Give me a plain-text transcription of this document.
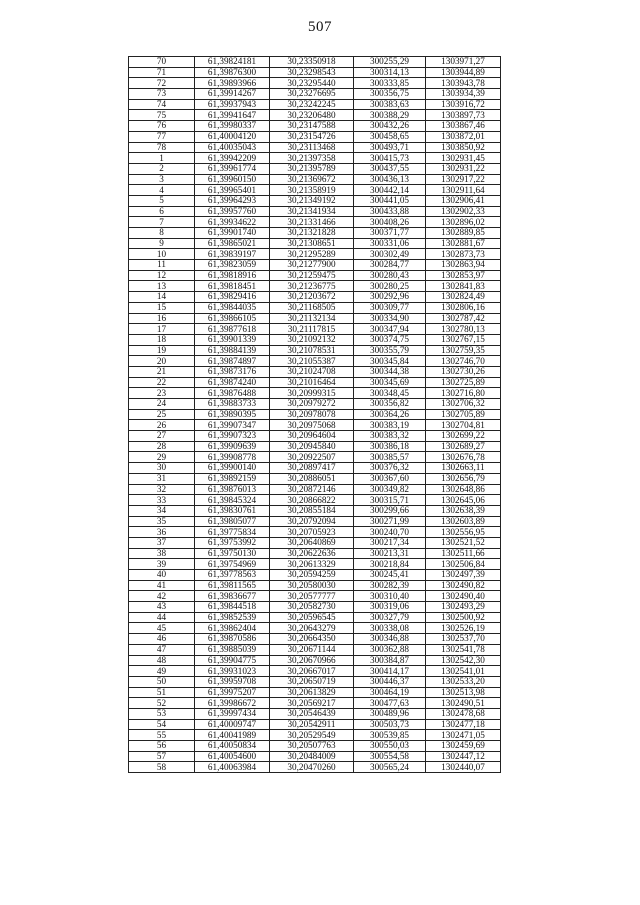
507
70	61,39824181	30,23350918	300255,29	1303971,27
71	61,39876300	30,23298543	300314,13	1303944,89
72	61,39893966	30,23295440	300333,85	1303943,78
73	61,39914267	30,23276695	300356,75	1303934,39
74	61,39937943	30,23242245	300383,63	1303916,72
75	61,39941647	30,23206480	300388,29	1303897,73
76	61,39980337	30,23147588	300432,26	1303867,46
77	61,40004120	30,23154726	300458,65	1303872,01
78	61,40035043	30,23113468	300493,71	1303850,92
1	61,39942209	30,21397358	300415,73	1302931,45
2	61,39961774	30,21395789	300437,55	1302931,22
3	61,39960150	30,21369672	300436,13	1302917,22
4	61,39965401	30,21358919	300442,14	1302911,64
5	61,39964293	30,21349192	300441,05	1302906,41
6	61,39957760	30,21341934	300433,88	1302902,33
7	61,39934622	30,21331466	300408,26	1302896,02
8	61,39901740	30,21321828	300371,77	1302889,85
9	61,39865021	30,21308651	300331,06	1302881,67
10	61,39839197	30,21295289	300302,49	1302873,73
11	61,39823059	30,21277900	300284,77	1302863,94
12	61,39818916	30,21259475	300280,43	1302853,97
13	61,39818451	30,21236775	300280,25	1302841,83
14	61,39829416	30,21203672	300292,96	1302824,49
15	61,39844035	30,21168505	300309,77	1302806,16
16	61,39866105	30,21132134	300334,90	1302787,42
17	61,39877618	30,21117815	300347,94	1302780,13
18	61,39901339	30,21092132	300374,75	1302767,15
19	61,39884139	30,21078531	300355,79	1302759,35
20	61,39874897	30,21055387	300345,84	1302746,70
21	61,39873176	30,21024708	300344,38	1302730,26
22	61,39874240	30,21016464	300345,69	1302725,89
23	61,39876488	30,20999315	300348,45	1302716,80
24	61,39883733	30,20979272	300356,82	1302706,32
25	61,39890395	30,20978078	300364,26	1302705,89
26	61,39907347	30,20975068	300383,19	1302704,81
27	61,39907323	30,20964604	300383,32	1302699,22
28	61,39909639	30,20945840	300386,18	1302689,27
29	61,39908778	30,20922507	300385,57	1302676,78
30	61,39900140	30,20897417	300376,32	1302663,11
31	61,39892159	30,20886051	300367,60	1302656,79
32	61,39876013	30,20872146	300349,82	1302648,86
33	61,39845324	30,20866822	300315,71	1302645,06
34	61,39830761	30,20855184	300299,66	1302638,39
35	61,39805077	30,20792094	300271,99	1302603,89
36	61,39775834	30,20705923	300240,70	1302556,95
37	61,39753992	30,20640869	300217,34	1302521,52
38	61,39750130	30,20622636	300213,31	1302511,66
39	61,39754969	30,20613329	300218,84	1302506,84
40	61,39778563	30,20594259	300245,41	1302497,39
41	61,39811565	30,20580030	300282,39	1302490,82
42	61,39836677	30,20577777	300310,40	1302490,40
43	61,39844518	30,20582730	300319,06	1302493,29
44	61,39852539	30,20596545	300327,79	1302500,92
45	61,39862404	30,20643279	300338,08	1302526,19
46	61,39870586	30,20664350	300346,88	1302537,70
47	61,39885039	30,20671144	300362,88	1302541,78
48	61,39904775	30,20670966	300384,87	1302542,30
49	61,39931023	30,20667017	300414,17	1302541,01
50	61,39959708	30,20650719	300446,37	1302533,20
51	61,39975207	30,20613829	300464,19	1302513,98
52	61,39986672	30,20569217	300477,63	1302490,51
53	61,39997434	30,20546439	300489,96	1302478,68
54	61,40009747	30,20542911	300503,73	1302477,18
55	61,40041989	30,20529549	300539,85	1302471,05
56	61,40050834	30,20507763	300550,03	1302459,69
57	61,40054600	30,20484009	300554,58	1302447,12
58	61,40063984	30,20470260	300565,24	1302440,07
